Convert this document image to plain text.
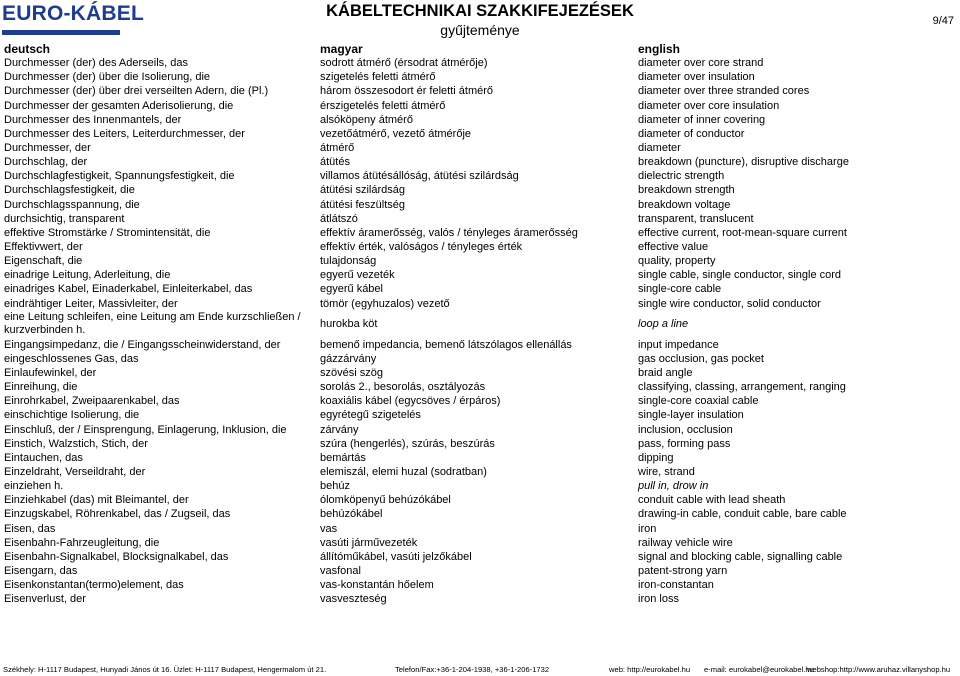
EURO-KÁBEL	KÁBELTECHNIKAI SZAKKIFEJEZÉSEK
gyűjteménye
9/47
deutsch	magyar	english
Durchmesser (der) des Aderseils, das	sodrott átmérő (érsodrat átmérője)	diameter over core strand
Durchmesser (der) über die Isolierung, die	szigetelés feletti átmérő	diameter over insulation
Durchmesser (der) über drei verseilten Adern, die (Pl.)	három összesodort ér feletti átmérő	diameter over three stranded cores
Durchmesser der gesamten Aderisolierung, die	érszigetelés feletti átmérő	diameter over core insulation
Durchmesser des Innenmantels, der	alsóköpeny átmérő	diameter of inner covering
Durchmesser des Leiters, Leiterdurchmesser, der	vezetőátmérő, vezető átmérője	diameter of conductor
Durchmesser, der	átmérő	diameter
Durchschlag, der	átütés	breakdown (puncture), disruptive discharge
Durchschlagfestigkeit, Spannungsfestigkeit, die	villamos átütésállóság, átütési szilárdság	dielectric strength
Durchschlagsfestigkeit, die	átütési szilárdság	breakdown strength
Durchschlagsspannung, die	átütési feszültség	breakdown voltage
durchsichtig, transparent	átlátszó	transparent, translucent
effektive Stromstärke / Stromintensität, die	effektív áramerősség, valós / tényleges áramerősség	effective current, root-mean-square current
Effektivwert, der	effektív érték, valóságos / tényleges érték	effective value
Eigenschaft, die	tulajdonság	quality, property
einadrige Leitung, Aderleitung, die	egyerű vezeték	single cable, single conductor, single cord
einadriges Kabel, Einaderkabel, Einleiterkabel, das	egyerű kábel	single-core cable
eindrähtiger Leiter, Massivleiter, der	tömör (egyhuzalos) vezető	single wire conductor, solid conductor
eine Leitung schleifen, eine Leitung am Ende kurzschließen / kurzverbinden h.	hurokba köt	loop a line
Eingangsimpedanz, die / Eingangsscheinwiderstand, der	bemenő impedancia, bemenő látszólagos ellenállás	input impedance
eingeschlossenes Gas, das	gázzárvány	gas occlusion, gas pocket
Einlaufewinkel, der	szövési szög	braid angle
Einreihung, die	sorolás 2., besorolás, osztályozás	classifying, classing, arrangement, ranging
Einrohrkabel, Zweipaarenkabel, das	koaxiális kábel (egycsöves / érpáros)	single-core coaxial cable
einschichtige Isolierung, die	egyrétegű szigetelés	single-layer insulation
Einschluß, der / Einsprengung, Einlagerung, Inklusion, die	zárvány	inclusion, occlusion
Einstich, Walzstich, Stich, der	szúra (hengerlés), szúrás, beszúrás	pass, forming pass
Eintauchen, das	bemártás	dipping
Einzeldraht, Verseildraht, der	elemiszál, elemi huzal (sodratban)	wire, strand
einziehen h.	behúz	pull in, drow in
Einziehkabel (das) mit Bleimantel, der	ólomköpenyű behúzókábel	conduit cable with lead sheath
Einzugskabel, Röhrenkabel, das / Zugseil, das	behúzókábel	drawing-in cable, conduit cable, bare cable
Eisen, das	vas	iron
Eisenbahn-Fahrzeugleitung, die	vasúti járművezeték	railway vehicle wire
Eisenbahn-Signalkabel, Blocksignalkabel, das	állítóműkábel, vasúti jelzőkábel	signal and blocking cable, signalling cable
Eisengarn, das	vasfonal	patent-strong yarn
Eisenkonstantan(termo)element, das	vas-konstantán hőelem	iron-constantan
Eisenverlust, der	vasveszteség	iron loss
Székhely: H-1117 Budapest, Hunyadi János út 16. Üzlet: H-1117 Budapest, Hengermalom út 21.	Telefon/Fax:+36-1-204-1938, +36-1-206-1732	web: http://eurokabel.hu e-mail: eurokabel@eurokabel.hu
webshop:http://www.aruhaz.villanyshop.hu
